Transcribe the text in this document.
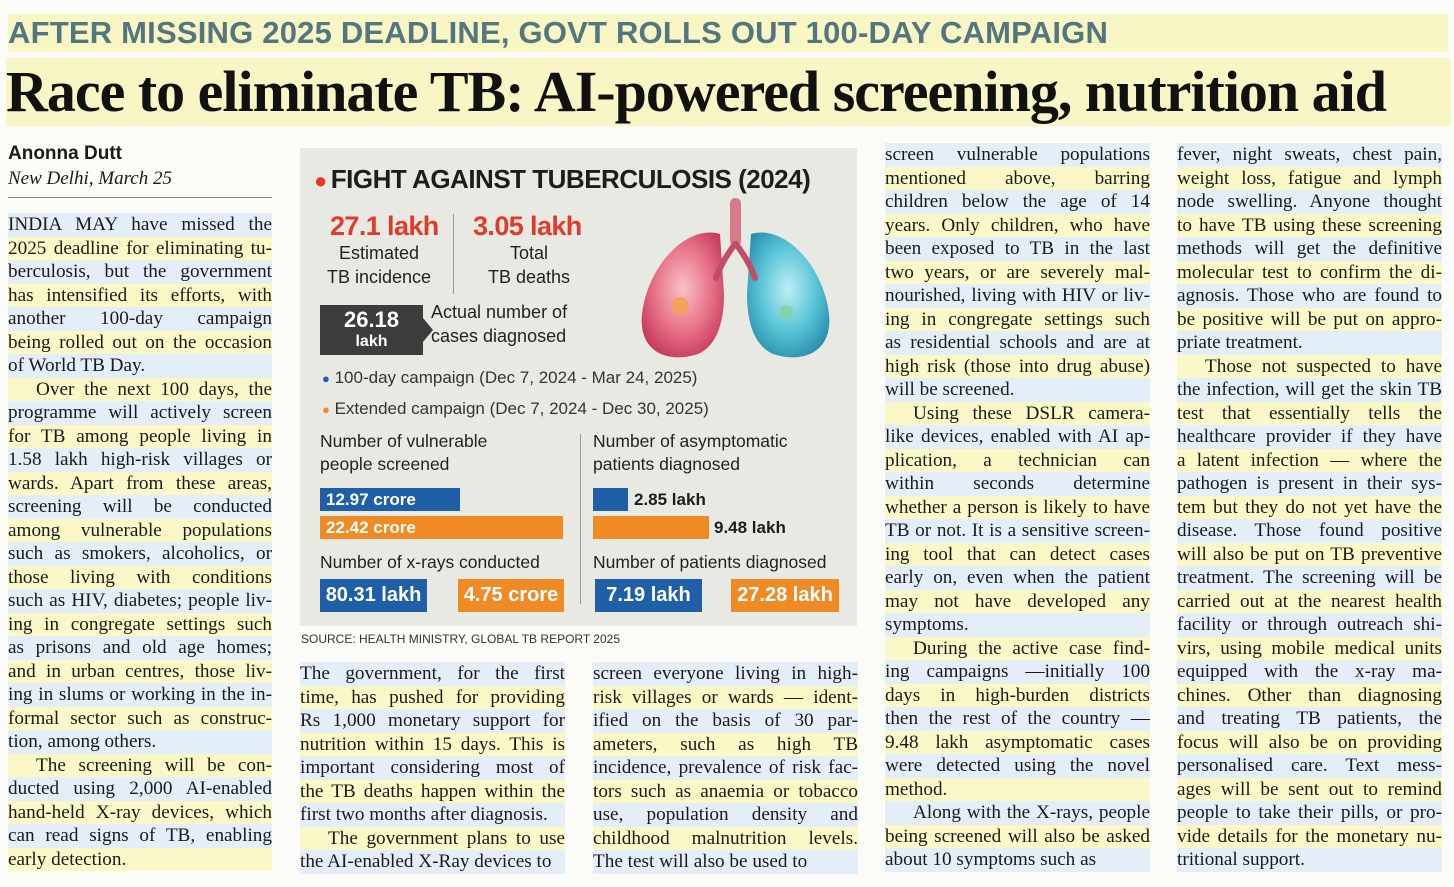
AFTER MISSING 2025 DEADLINE, GOVT ROLLS OUT 100-DAY CAMPAIGN
Race to eliminate TB: AI-powered screening, nutrition aid
Anonna Dutt
New Delhi, March 25
INDIA MAY have missed the
2025 deadline for eliminating tu-
berculosis, but the government
has intensified its efforts, with
another 100-day campaign
being rolled out on the occasion
of World TB Day.
Over the next 100 days, the
programme will actively screen
for TB among people living in
1.58 lakh high-risk villages or
wards. Apart from these areas,
screening will be conducted
among vulnerable populations
such as smokers, alcoholics, or
those living with conditions
such as HIV, diabetes; people liv-
ing in congregate settings such
as prisons and old age homes;
and in urban centres, those liv-
ing in slums or working in the in-
formal sector such as construc-
tion, among others.
The screening will be con-
ducted using 2,000 AI-enabled
hand-held X-ray devices, which
can read signs of TB, enabling
early detection.
The government, for the first
time, has pushed for providing
Rs 1,000 monetary support for
nutrition within 15 days. This is
important considering most of
the TB deaths happen within the
first two months after diagnosis.
The government plans to use
the AI-enabled X-Ray devices to
screen everyone living in high-
risk villages or wards — ident-
ified on the basis of 30 par-
ameters, such as high TB
incidence, prevalence of risk fac-
tors such as anaemia or tobacco
use, population density and
childhood malnutrition levels.
The test will also be used to
screen vulnerable populations
mentioned above, barring
children below the age of 14
years. Only children, who have
been exposed to TB in the last
two years, or are severely mal-
nourished, living with HIV or liv-
ing in congregate settings such
as residential schools and are at
high risk (those into drug abuse)
will be screened.
Using these DSLR camera-
like devices, enabled with AI ap-
plication, a technician can
within seconds determine
whether a person is likely to have
TB or not. It is a sensitive screen-
ing tool that can detect cases
early on, even when the patient
may not have developed any
symptoms.
During the active case find-
ing campaigns —initially 100
days in high-burden districts
then the rest of the country —
9.48 lakh asymptomatic cases
were detected using the novel
method.
Along with the X-rays, people
being screened will also be asked
about 10 symptoms such as
fever, night sweats, chest pain,
weight loss, fatigue and lymph
node swelling. Anyone thought
to have TB using these screening
methods will get the definitive
molecular test to confirm the di-
agnosis. Those who are found to
be positive will be put on appro-
priate treatment.
Those not suspected to have
the infection, will get the skin TB
test that essentially tells the
healthcare provider if they have
a latent infection — where the
pathogen is present in their sys-
tem but they do not yet have the
disease. Those found positive
will also be put on TB preventive
treatment. The screening will be
carried out at the nearest health
facility or through outreach shi-
virs, using mobile medical units
equipped with the x-ray ma-
chines. Other than diagnosing
and treating TB patients, the
focus will also be on providing
personalised care. Text mess-
ages will be sent out to remind
people to take their pills, or pro-
vide details for the monetary nu-
tritional support.
● FIGHT AGAINST TUBERCULOSIS (2024)
27.1 lakh
Estimated
TB incidence
3.05 lakh
Total
TB deaths
26.18
lakh
Actual number of
cases diagnosed
● 100-day campaign (Dec 7, 2024 - Mar 24, 2025)
● Extended campaign (Dec 7, 2024 - Dec 30, 2025)
Number of vulnerable
people screened
Number of asymptomatic
patients diagnosed
12.97 crore
22.42 crore
2.85 lakh
9.48 lakh
Number of x-rays conducted	Number of patients diagnosed
80.31 lakh 4.75 crore	7.19 lakh	27.28 lakh
SOURCE: HEALTH MINISTRY, GLOBAL TB REPORT 2025
